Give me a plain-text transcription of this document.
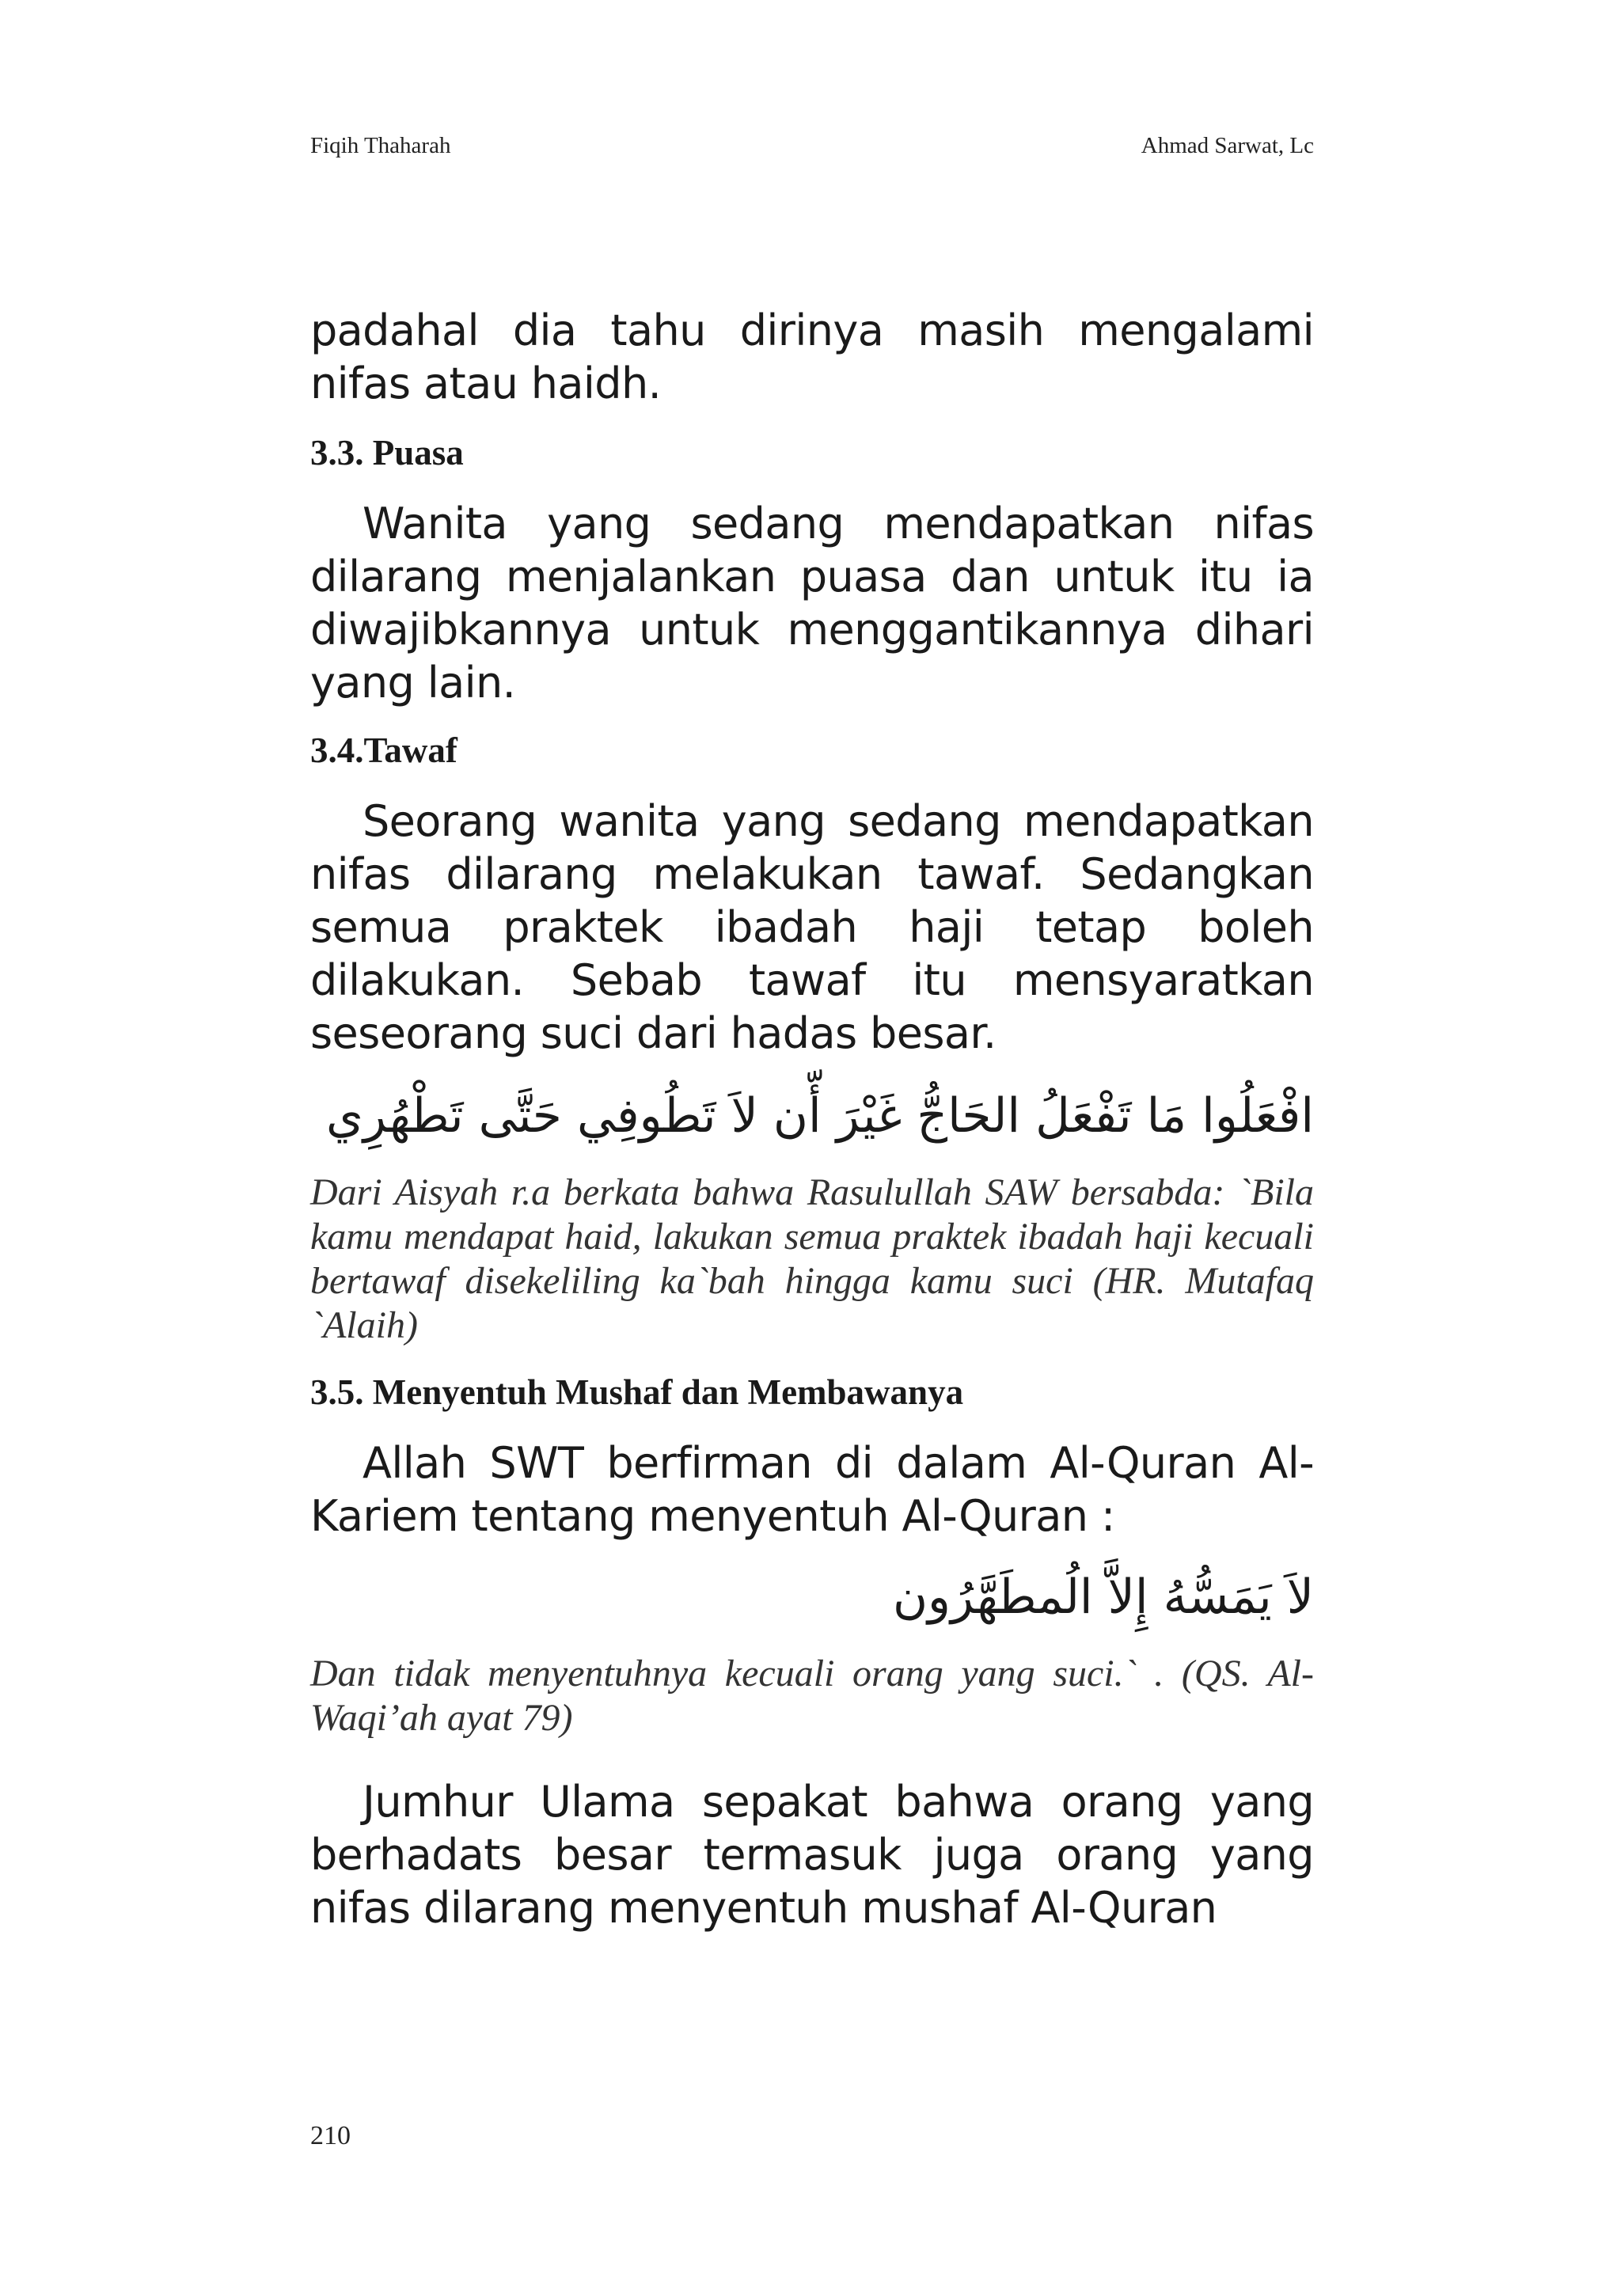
Fiqih Thaharah	Ahmad Sarwat, Lc

padahal dia tahu dirinya masih mengalami nifas atau haidh.

3.3. Puasa

Wanita yang sedang mendapatkan nifas dilarang menjalankan puasa dan untuk itu ia diwajibkannya untuk menggantikannya dihari yang lain.

3.4.Tawaf

Seorang wanita yang sedang mendapatkan nifas dilarang melakukan tawaf. Sedangkan semua praktek ibadah haji tetap boleh dilakukan. Sebab tawaf itu mensyaratkan seseorang suci dari hadas besar.

افْعَلُوا مَا تَفْعَلُ الحَاجُّ غَيْرَ أّن لاَ تَطُوفِي حَتَّى تَطْهُرِي

Dari Aisyah r.a berkata bahwa Rasulullah SAW bersabda: `Bila kamu mendapat haid, lakukan semua praktek ibadah haji kecuali bertawaf disekeliling ka`bah hingga kamu suci (HR. Mutafaq `Alaih)

3.5. Menyentuh Mushaf dan Membawanya

Allah SWT berfirman di dalam Al-Quran Al-Kariem tentang menyentuh Al-Quran :

لاَ يَمَسُّهُ إِلاَّ الُمطَهَّرُون

Dan tidak menyentuhnya kecuali orang yang suci.` . (QS. Al-Waqi’ah ayat 79)

Jumhur Ulama sepakat bahwa orang yang berhadats besar termasuk juga orang yang nifas dilarang menyentuh mushaf Al-Quran

210
